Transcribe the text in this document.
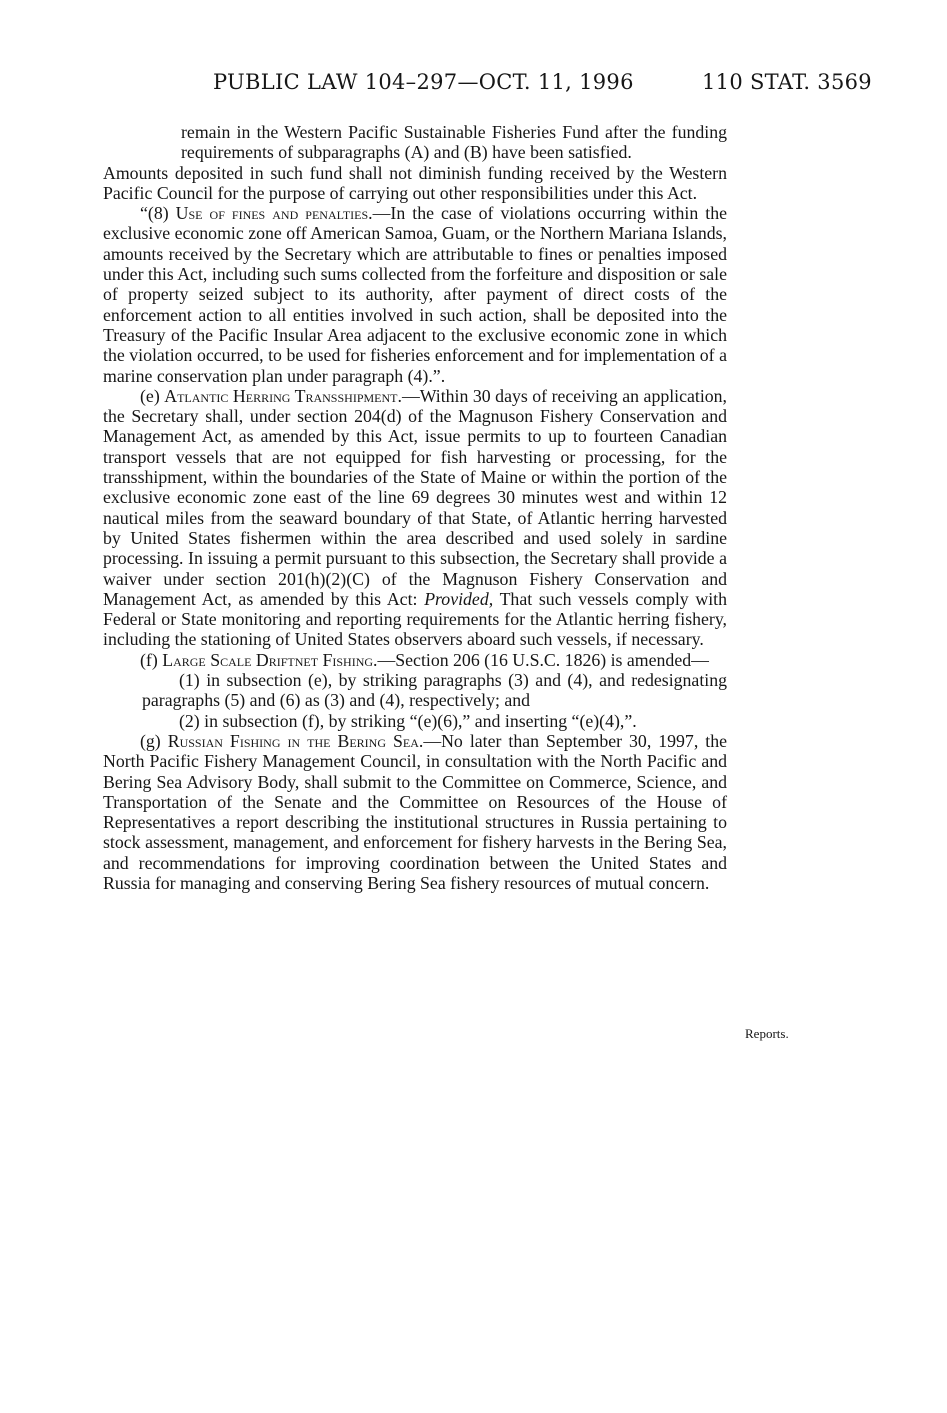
PUBLIC LAW 104–297—OCT. 11, 1996	110 STAT. 3569

remain in the Western Pacific Sustainable Fisheries Fund after the funding requirements of subparagraphs (A) and (B) have been satisfied.

Amounts deposited in such fund shall not diminish funding received by the Western Pacific Council for the purpose of carrying out other responsibilities under this Act.

“(8) Use of fines and penalties.—In the case of violations occurring within the exclusive economic zone off American Samoa, Guam, or the Northern Mariana Islands, amounts received by the Secretary which are attributable to fines or penalties imposed under this Act, including such sums collected from the forfeiture and disposition or sale of property seized subject to its authority, after payment of direct costs of the enforcement action to all entities involved in such action, shall be deposited into the Treasury of the Pacific Insular Area adjacent to the exclusive economic zone in which the violation occurred, to be used for fisheries enforcement and for implementation of a marine conservation plan under paragraph (4).”.

(e) Atlantic Herring Transshipment.—Within 30 days of receiving an application, the Secretary shall, under section 204(d) of the Magnuson Fishery Conservation and Management Act, as amended by this Act, issue permits to up to fourteen Canadian transport vessels that are not equipped for fish harvesting or processing, for the transshipment, within the boundaries of the State of Maine or within the portion of the exclusive economic zone east of the line 69 degrees 30 minutes west and within 12 nautical miles from the seaward boundary of that State, of Atlantic herring harvested by United States fishermen within the area described and used solely in sardine processing. In issuing a permit pursuant to this subsection, the Secretary shall provide a waiver under section 201(h)(2)(C) of the Magnuson Fishery Conservation and Management Act, as amended by this Act: Provided, That such vessels comply with Federal or State monitoring and reporting requirements for the Atlantic herring fishery, including the stationing of United States observers aboard such vessels, if necessary.

(f) Large Scale Driftnet Fishing.—Section 206 (16 U.S.C. 1826) is amended—

(1) in subsection (e), by striking paragraphs (3) and (4), and redesignating paragraphs (5) and (6) as (3) and (4), respectively; and

(2) in subsection (f), by striking “(e)(6),” and inserting “(e)(4),”.

(g) Russian Fishing in the Bering Sea.—No later than September 30, 1997, the North Pacific Fishery Management Council, in consultation with the North Pacific and Bering Sea Advisory Body, shall submit to the Committee on Commerce, Science, and Transportation of the Senate and the Committee on Resources of the House of Representatives a report describing the institutional structures in Russia pertaining to stock assessment, management, and enforcement for fishery harvests in the Bering Sea, and recommendations for improving coordination between the United States and Russia for managing and conserving Bering Sea fishery resources of mutual concern.

Reports.
